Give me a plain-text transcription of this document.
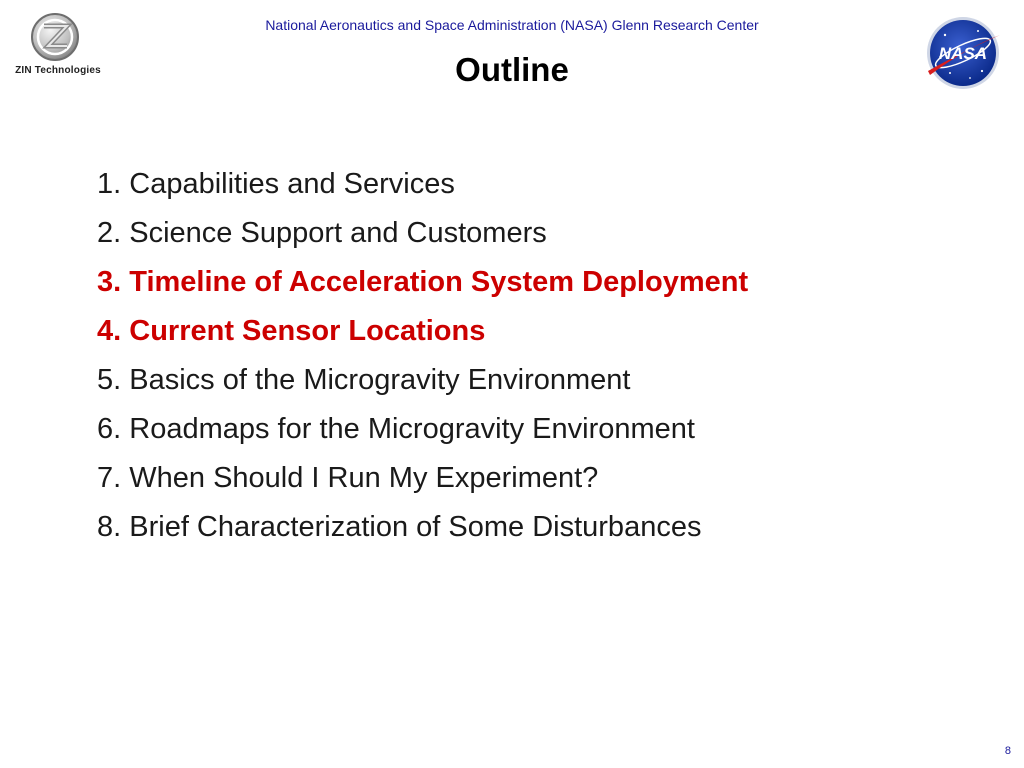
ZIN Technologies
National Aeronautics and Space Administration (NASA) Glenn Research Center
Outline	NASA
1. Capabilities and Services
2. Science Support and Customers
3. Timeline of Acceleration System Deployment
4. Current Sensor Locations
5. Basics of the Microgravity Environment
6. Roadmaps for the Microgravity Environment
7. When Should I Run My Experiment?
8. Brief Characterization of Some Disturbances
8
